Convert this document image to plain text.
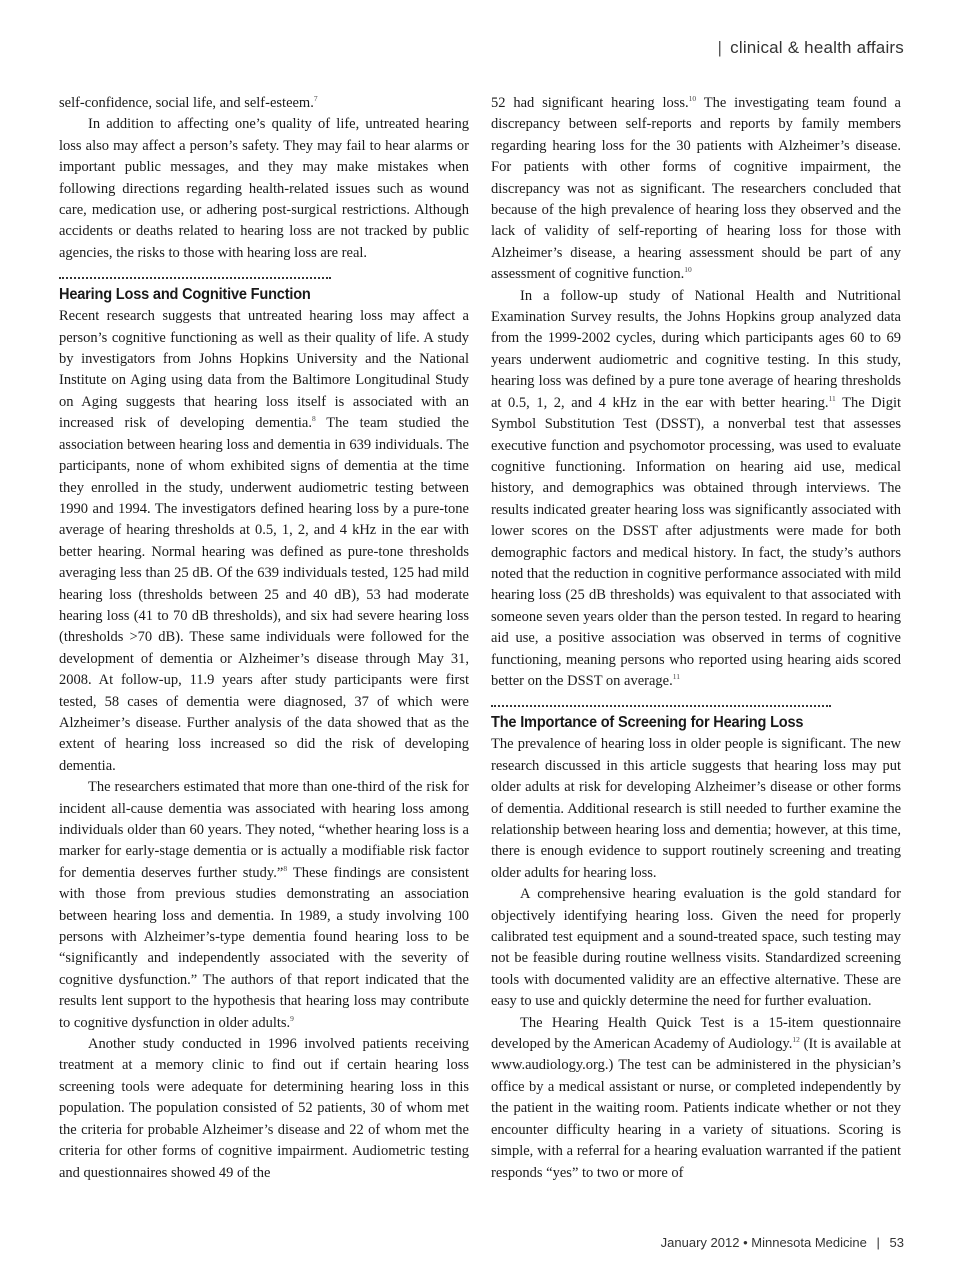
| clinical & health affairs

self-confidence, social life, and self-esteem.$^7$

In addition to affecting one’s quality of life, untreated hearing loss also may affect a person’s safety. They may fail to hear alarms or important public messages, and they may make mistakes when following directions regarding health-related issues such as wound care, medication use, or adhering post-surgical restrictions. Although accidents or deaths related to hearing loss are not tracked by public agencies, the risks to those with hearing loss are real.

Hearing Loss and Cognitive Function

Recent research suggests that untreated hearing loss may affect a person’s cognitive functioning as well as their quality of life. A study by investigators from Johns Hopkins University and the National Institute on Aging using data from the Baltimore Longitudinal Study on Aging suggests that hearing loss itself is associated with an increased risk of developing dementia.$^8$ The team studied the association between hearing loss and dementia in 639 individuals. The participants, none of whom exhibited signs of dementia at the time they enrolled in the study, underwent audiometric testing between 1990 and 1994. The investigators defined hearing loss by a pure-tone average of hearing thresholds at 0.5, 1, 2, and 4 kHz in the ear with better hearing. Normal hearing was defined as pure-tone thresholds averaging less than 25 dB. Of the 639 individuals tested, 125 had mild hearing loss (thresholds between 25 and 40 dB), 53 had moderate hearing loss (41 to 70 dB thresholds), and six had severe hearing loss (thresholds >70 dB). These same individuals were followed for the development of dementia or Alzheimer’s disease through May 31, 2008. At follow-up, 11.9 years after study participants were first tested, 58 cases of dementia were diagnosed, 37 of which were Alzheimer’s disease. Further analysis of the data showed that as the extent of hearing loss increased so did the risk of developing dementia.

The researchers estimated that more than one-third of the risk for incident all-cause dementia was associated with hearing loss among individuals older than 60 years. They noted, “whether hearing loss is a marker for early-stage dementia or is actually a modifiable risk factor for dementia deserves further study.”$^8$ These findings are consistent with those from previous studies demonstrating an association between hearing loss and dementia. In 1989, a study involving 100 persons with Alzheimer’s-type dementia found hearing loss to be “significantly and independently associated with the severity of cognitive dysfunction.” The authors of that report indicated that the results lent support to the hypothesis that hearing loss may contribute to cognitive dysfunction in older adults.$^9$

Another study conducted in 1996 involved patients receiving treatment at a memory clinic to find out if certain hearing loss screening tools were adequate for determining hearing loss in this population. The population consisted of 52 patients, 30 of whom met the criteria for probable Alzheimer’s disease and 22 of whom met the criteria for other forms of cognitive impairment. Audiometric testing and questionnaires showed 49 of the

52 had significant hearing loss.$^{10}$ The investigating team found a discrepancy between self-reports and reports by family members regarding hearing loss for the 30 patients with Alzheimer’s disease. For patients with other forms of cognitive impairment, the discrepancy was not as significant. The researchers concluded that because of the high prevalence of hearing loss they observed and the lack of validity of self-reporting of hearing loss for those with Alzheimer’s disease, a hearing assessment should be part of any assessment of cognitive function.$^{10}$

In a follow-up study of National Health and Nutritional Examination Survey results, the Johns Hopkins group analyzed data from the 1999-2002 cycles, during which participants ages 60 to 69 years underwent audiometric and cognitive testing. In this study, hearing loss was defined by a pure tone average of hearing thresholds at 0.5, 1, 2, and 4 kHz in the ear with better hearing.$^{11}$ The Digit Symbol Substitution Test (DSST), a nonverbal test that assesses executive function and psychomotor processing, was used to evaluate cognitive functioning. Information on hearing aid use, medical history, and demographics was obtained through interviews. The results indicated greater hearing loss was significantly associated with lower scores on the DSST after adjustments were made for both demographic factors and medical history. In fact, the study’s authors noted that the reduction in cognitive performance associated with mild hearing loss (25 dB thresholds) was equivalent to that associated with someone seven years older than the person tested. In regard to hearing aid use, a positive association was observed in terms of cognitive functioning, meaning persons who reported using hearing aids scored better on the DSST on average.$^{11}$

The Importance of Screening for Hearing Loss

The prevalence of hearing loss in older people is significant. The new research discussed in this article suggests that hearing loss may put older adults at risk for developing Alzheimer’s disease or other forms of dementia. Additional research is still needed to further examine the relationship between hearing loss and dementia; however, at this time, there is enough evidence to support routinely screening and treating older adults for hearing loss.

A comprehensive hearing evaluation is the gold standard for objectively identifying hearing loss. Given the need for properly calibrated test equipment and a sound-treated space, such testing may not be feasible during routine wellness visits. Standardized screening tools with documented validity are an effective alternative. These are easy to use and quickly determine the need for further evaluation.

The Hearing Health Quick Test is a 15-item questionnaire developed by the American Academy of Audiology.$^{12}$ (It is available at www.audiology.org.) The test can be administered in the physician’s office by a medical assistant or nurse, or completed independently by the patient in the waiting room. Patients indicate whether or not they encounter difficulty hearing in a variety of situations. Scoring is simple, with a referral for a hearing evaluation warranted if the patient responds “yes” to two or more of

January 2012 • Minnesota Medicine | 53
